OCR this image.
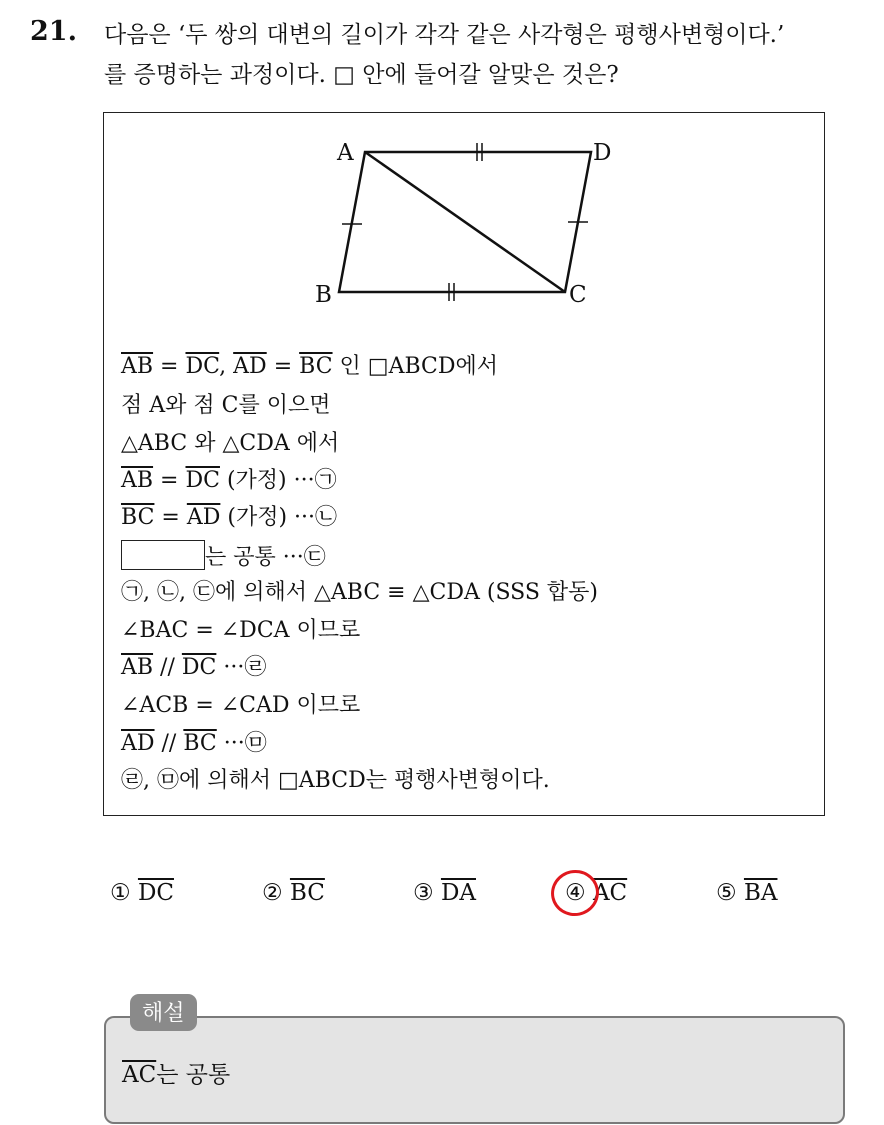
21. 다음은 ‘두 쌍의 대변의 길이가 각각 같은 사각형은 평행사변형이다.’
를 증명하는 과정이다. □ 안에 들어갈 알맞은 것은?
A	D
B	C
$\overline{AB} = \overline{DC}$, $\overline{AD} = \overline{BC}$ 인 □ABCD에서
점 A와 점 C를 이으면
△ABC 와 △CDA 에서
$\overline{AB} = \overline{DC}$ (가정) ···㉠
$\overline{BC} = \overline{AD}$ (가정) ···㉡
는 공통 ···㉢
㉠, ㉡, ㉢에 의해서 △ABC ≡ △CDA (SSS 합동)
∠BAC = ∠DCA 이므로
$\overline{AB} // \overline{DC}$ ···㉣
∠ACB = ∠CAD 이므로
$\overline{AD} // \overline{BC}$ ···㉤
㉣, ㉤에 의해서 □ABCD는 평행사변형이다.
① $\overline{DC}$	② $\overline{BC}$	③ $\overline{DA}$	④ $\overline{AC}$	⑤ $\overline{BA}$
해설
$\overline{AC}$는 공통
